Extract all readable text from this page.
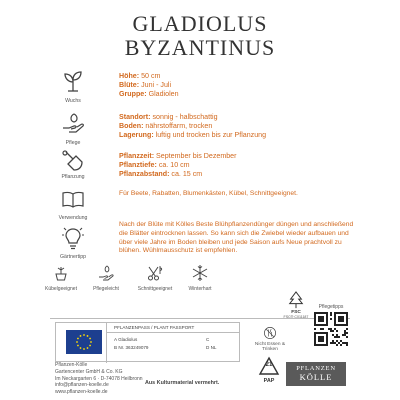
GLADIOLUS
BYZANTINUS
Wuchs
Höhe: 50 cm
Blüte: Juni - Juli
Gruppe: Gladiolen
Pflege
Standort: sonnig - halbschattig
Boden: nährstoffarm, trocken
Lagerung: luftig und trocken bis zur Pflanzung
Pflanzung
Pflanzzeit: September bis Dezember
Pflanztiefe: ca. 10 cm
Pflanzabstand: ca. 15 cm
Verwendung
Für Beete, Rabatten, Blumenkästen, Kübel, Schnittgeeignet.
Gärtnertipp
Nach der Blüte mit Kölles Beste Blühpflanzendünger düngen und anschließend die Blätter eintrocknen lassen. So kann sich die Zwiebel wieder aufbauen und über viele Jahre im Boden bleiben und jede Saison aufs Neue prachtvoll zu blühen. Wühlmausschutz ist empfehlen.
Kübelgeeignet	Pflegeleicht	Schnittgeeignet	Winterhart
PFLANZENPASS / PLANT PASSPORT
A Gladiolus
B Nr. 363249079
C
D NL
Nicht Essen & Trinken
FSC
FSC® C011187
Pflegetipps
Pflanzen-Kölle
Gartencenter GmbH & Co. KG
Im Neckargarten 6 · D-74078 Heilbronn
info@pflanzen-koelle.de
www.pflanzen-koelle.de
Aus Kulturmaterial vermehrt.
21
PAP
PFLANZEN
KÖLLE
